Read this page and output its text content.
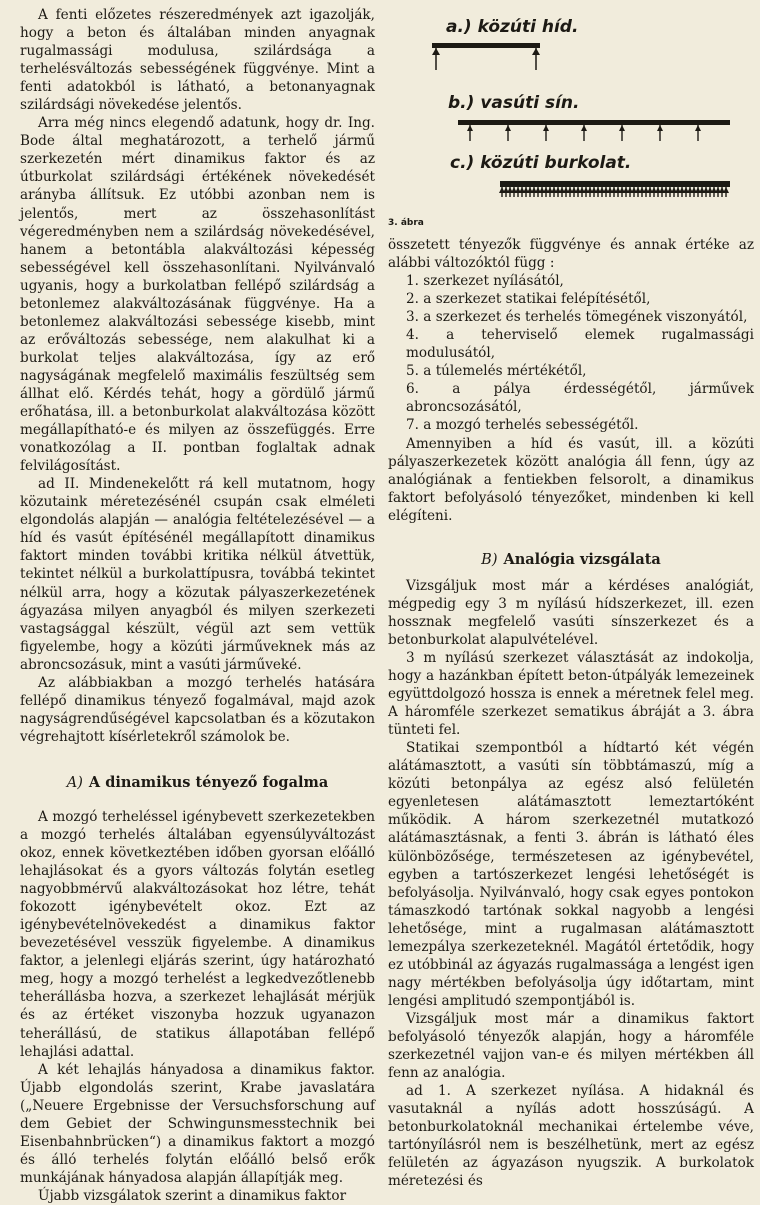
A fenti előzetes részeredmények azt igazolják, hogy a beton és általában minden anyagnak rugalmassági modulusa, szilárdsága a terhelésváltozás sebességének függvénye. Mint a fenti adatokból is látható, a betonanyagnak szilárdsági növekedése jelentős.

Arra még nincs elegendő adatunk, hogy dr. Ing. Bode által meghatározott, a terhelő jármű szerkezetén mért dinamikus faktor és az útburkolat szilárdsági értékének növekedését arányba állítsuk. Ez utóbbi azonban nem is jelentős, mert az összehasonlítást végeredményben nem a szilárdság növekedésével, hanem a betontábla alakváltozási képesség sebességével kell összehasonlítani. Nyilvánvaló ugyanis, hogy a burkolatban fellépő szilárdság a betonlemez alakváltozásának függvénye. Ha a betonlemez alakváltozási sebessége kisebb, mint az erőváltozás sebessége, nem alakulhat ki a burkolat teljes alakváltozása, így az erő nagyságának megfelelő maximális feszültség sem állhat elő. Kérdés tehát, hogy a gördülő jármű erőhatása, ill. a betonburkolat alakváltozása között megállapítható-e és milyen az összefüggés. Erre vonatkozólag a II. pontban foglaltak adnak felvilágosítást.

ad II. Mindenekelőtt rá kell mutatnom, hogy közutaink méretezésénél csupán csak elméleti elgondolás alapján — analógia feltételezésével — a híd és vasút építésénél megállapított dinamikus faktort minden további kritika nélkül átvettük, tekintet nélkül a burkolattípusra, továbbá tekintet nélkül arra, hogy a közutak pályaszerkezetének ágyazása milyen anyagból és milyen szerkezeti vastagsággal készült, végül azt sem vettük figyelembe, hogy a közúti járműveknek más az abroncsozásuk, mint a vasúti járműveké.

Az alábbiakban a mozgó terhelés hatására fellépő dinamikus tényező fogalmával, majd azok nagyságrendűségével kapcsolatban és a közutakon végrehajtott kísérletekről számolok be.

A) A dinamikus tényező fogalma

A mozgó terheléssel igénybevett szerkezetekben a mozgó terhelés általában egyensúlyváltozást okoz, ennek következtében időben gyorsan előálló lehajlásokat és a gyors változás folytán esetleg nagyobbmérvű alakváltozásokat hoz létre, tehát fokozott igénybevételt okoz. Ezt az igénybevételnövekedést a dinamikus faktor bevezetésével vesszük figyelembe. A dinamikus faktor, a jelenlegi eljárás szerint, úgy határozható meg, hogy a mozgó terhelést a legkedvezőtlenebb teherállásba hozva, a szerkezet lehajlását mérjük és az értéket viszonyba hozzuk ugyanazon teherállású, de statikus állapotában fellépő lehajlási adattal.

A két lehajlás hányadosa a dinamikus faktor. Újabb elgondolás szerint, Krabe javaslatára („Neuere Ergebnisse der Versuchsforschung auf dem Gebiet der Schwingunsmesstechnik bei Eisenbahnbrücken“) a dinamikus faktort a mozgó és álló terhelés folytán előálló belső erők munkájának hányadosa alapján állapítják meg.

Újabb vizsgálatok szerint a dinamikus faktor

a.) közúti híd.
b.) vasúti sín.
c.) közúti burkolat.
3. ábra

összetett tényezők függvénye és annak értéke az alábbi változóktól függ :

1. szerkezet nyílásától,
2. a szerkezet statikai felépítésétől,
3. a szerkezet és terhelés tömegének viszonyától,
4. a teherviselő elemek rugalmassági modulusától,
5. a túlemelés mértékétől,
6. a pálya érdességétől, járművek abroncsozásától,
7. a mozgó terhelés sebességétől.

Amennyiben a híd és vasút, ill. a közúti pályaszerkezetek között analógia áll fenn, úgy az analógiának a fentiekben felsorolt, a dinamikus faktort befolyásoló tényezőket, mindenben ki kell elégíteni.

B) Analógia vizsgálata

Vizsgáljuk most már a kérdéses analógiát, mégpedig egy 3 m nyílású hídszerkezet, ill. ezen hossznak megfelelő vasúti sínszerkezet és a betonburkolat alapulvételével.

3 m nyílású szerkezet választását az indokolja, hogy a hazánkban épített beton-útpályák lemezeinek együttdolgozó hossza is ennek a méretnek felel meg. A háromféle szerkezet sematikus ábráját a 3. ábra tünteti fel.

Statikai szempontból a hídtartó két végén alátámasztott, a vasúti sín többtámaszú, míg a közúti betonpálya az egész alsó felületén egyenletesen alátámasztott lemeztartóként működik. A három szerkezetnél mutatkozó alátámasztásnak, a fenti 3. ábrán is látható éles különbözősége, természetesen az igénybevétel, egyben a tartószerkezet lengési lehetőségét is befolyásolja. Nyilvánvaló, hogy csak egyes pontokon támaszkodó tartónak sokkal nagyobb a lengési lehetősége, mint a rugalmasan alátámasztott lemezpálya szerkezeteknél. Magától értetődik, hogy ez utóbbinál az ágyazás rugalmassága a lengést igen nagy mértékben befolyásolja úgy időtartam, mint lengési amplitudó szempontjából is.

Vizsgáljuk most már a dinamikus faktort befolyásoló tényezők alapján, hogy a háromféle szerkezetnél vajjon van-e és milyen mértékben áll fenn az analógia.

ad 1. A szerkezet nyílása. A hidaknál és vasutaknál a nyílás adott hosszúságú. A betonburkolatoknál mechanikai értelembe véve, tartónyílásról nem is beszélhetünk, mert az egész felületén az ágyazáson nyugszik. A burkolatok méretezési és
